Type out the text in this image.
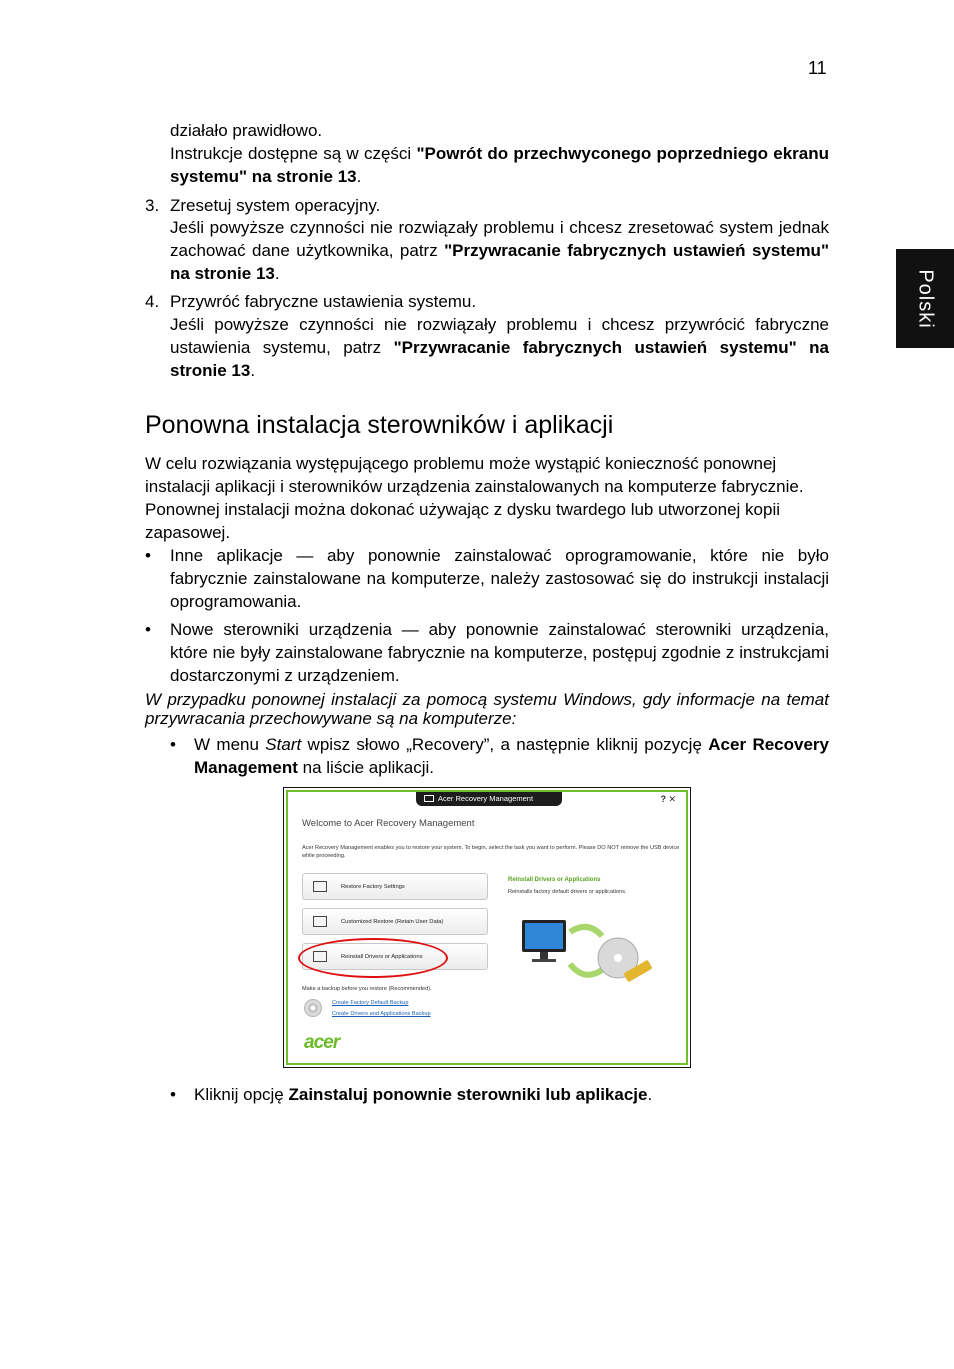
11
Polski

działało prawidłowo.

Instrukcje dostępne są w części "Powrót do przechwyconego poprzedniego ekranu systemu" na stronie 13.

3. Zresetuj system operacyjny.

Jeśli powyższe czynności nie rozwiązały problemu i chcesz zresetować system jednak zachować dane użytkownika, patrz "Przywracanie fabrycznych ustawień systemu" na stronie 13.

4. Przywróć fabryczne ustawienia systemu.

Jeśli powyższe czynności nie rozwiązały problemu i chcesz przywrócić fabryczne ustawienia systemu, patrz "Przywracanie fabrycznych ustawień systemu" na stronie 13.

Ponowna instalacja sterowników i aplikacji

W celu rozwiązania występującego problemu może wystąpić konieczność ponownej instalacji aplikacji i sterowników urządzenia zainstalowanych na komputerze fabrycznie. Ponownej instalacji można dokonać używając z dysku twardego lub utworzonej kopii zapasowej.

• Inne aplikacje — aby ponownie zainstalować oprogramowanie, które nie było fabrycznie zainstalowane na komputerze, należy zastosować się do instrukcji instalacji oprogramowania.

• Nowe sterowniki urządzenia — aby ponownie zainstalować sterowniki urządzenia, które nie były zainstalowane fabrycznie na komputerze, postępuj zgodnie z instrukcjami dostarczonymi z urządzeniem.

W przypadku ponownej instalacji za pomocą systemu Windows, gdy informacje na temat przywracania przechowywane są na komputerze:

• W menu Start wpisz słowo „Recovery”, a następnie kliknij pozycję Acer Recovery Management na liście aplikacji.

Acer Recovery Management	? ✕
Welcome to Acer Recovery Management
Acer Recovery Management enables you to restore your system. To begin, select the task you want to perform. Please DO NOT remove the USB device while proceeding.
Restore Factory Settings
Customized Restore (Retain User Data)
Reinstall Drivers or Applications
Reinstall Drivers or Applications
Reinstalls factory default drivers or applications.
Make a backup before you restore (Recommended).
Create Factory Default Backup
Create Drivers and Applications Backup
acer
• Kliknij opcję Zainstaluj ponownie sterowniki lub aplikacje.
